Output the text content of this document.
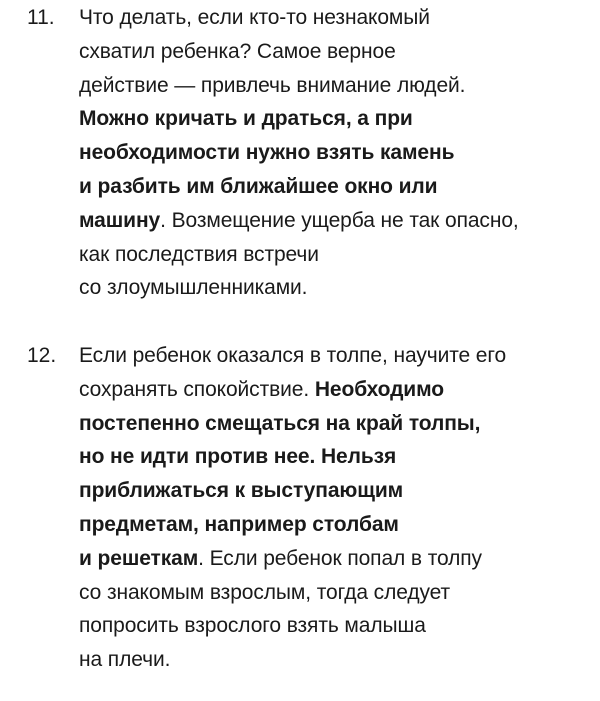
11. Что делать, если кто-то незнакомый
схватил ребенка? Самое верное
действие — привлечь внимание людей.
Можно кричать и драться, а при
необходимости нужно взять камень
и разбить им ближайшее окно или
машину. Возмещение ущерба не так опасно,
как последствия встречи
со злоумышленниками.
12. Если ребенок оказался в толпе, научите его
сохранять спокойствие. Необходимо
постепенно смещаться на край толпы,
но не идти против нее. Нельзя
приближаться к выступающим
предметам, например столбам
и решеткам. Если ребенок попал в толпу
со знакомым взрослым, тогда следует
попросить взрослого взять малыша
на плечи.
